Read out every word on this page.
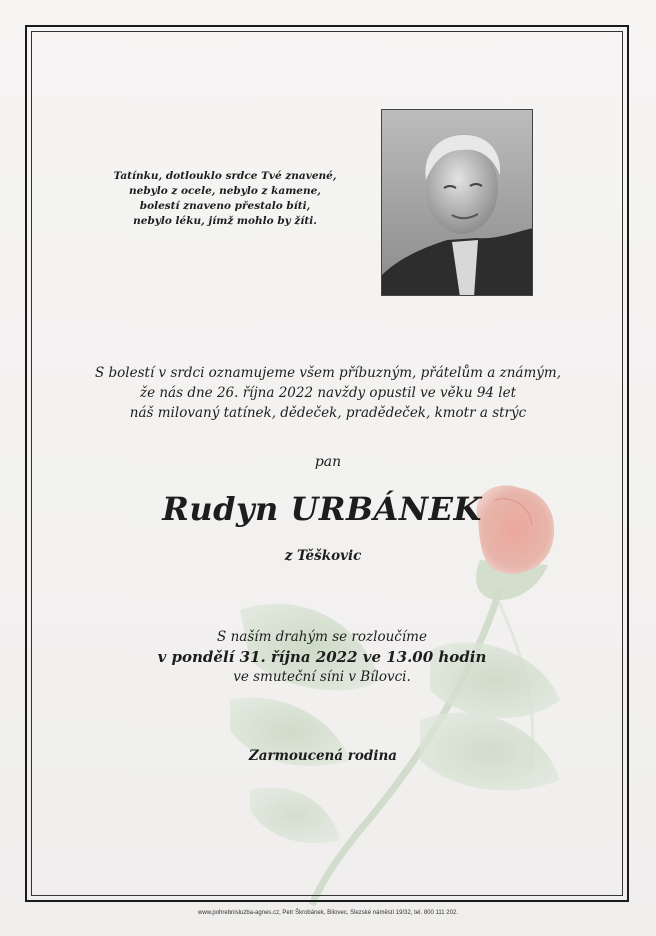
Tatínku, dotlouklo srdce Tvé znavené,
nebylo z ocele, nebylo z kamene,
bolestí znaveno přestalo bíti,
nebylo léku, jímž mohlo by žíti.
S bolestí v srdci oznamujeme všem příbuzným, přátelům a známým,
že nás dne 26. října 2022 navždy opustil ve věku 94 let
náš milovaný tatínek, dědeček, pradědeček, kmotr a strýc
pan
Rudyn URBÁNEK
z Těškovic
S naším drahým se rozloučíme
v pondělí 31. října 2022 ve 13.00 hodin
ve smuteční síni v Bílovci.
Zarmoucená rodina
www.pohrebnisluzba-agnes.cz, Petr Škrobánek, Bílovec, Slezské náměstí 19/32, tel. 800 111 202.
